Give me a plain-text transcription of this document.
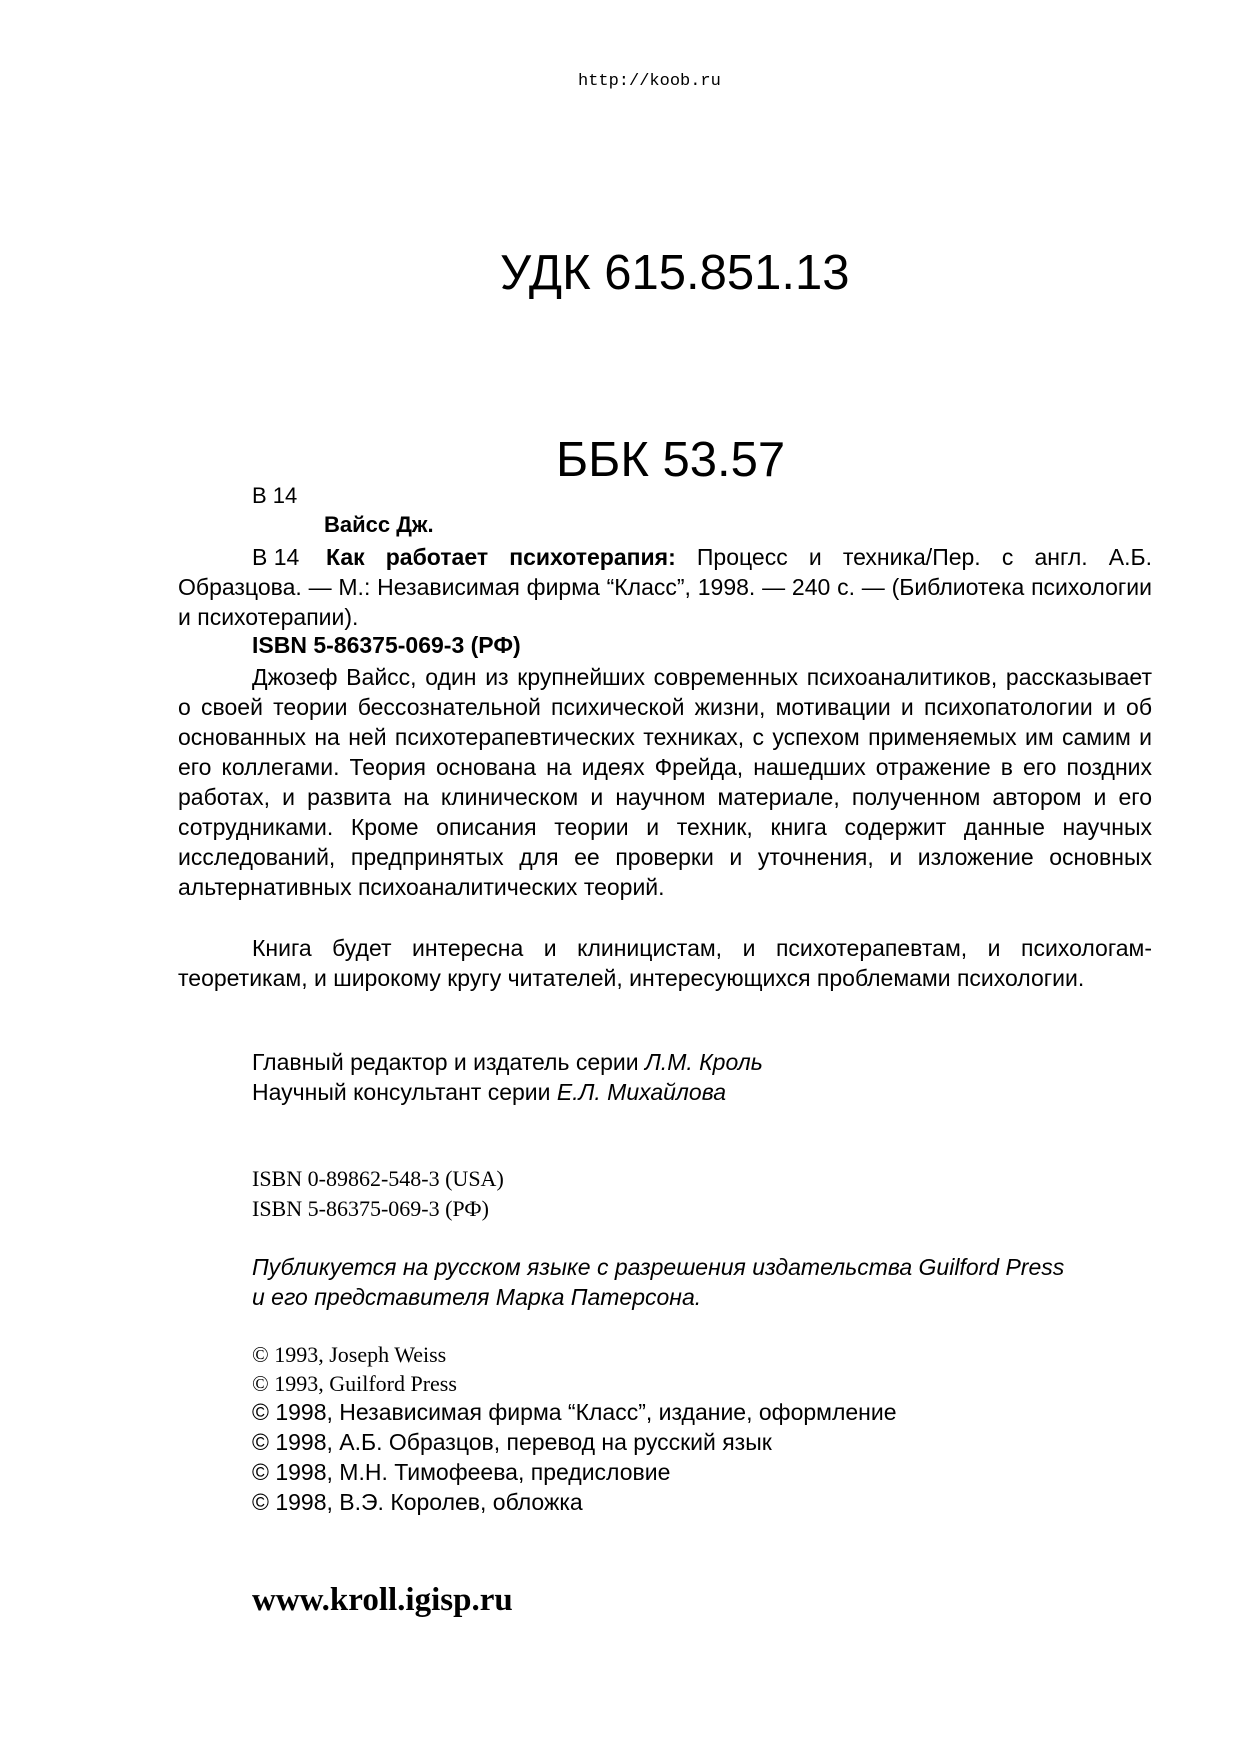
http://koob.ru
УДК 615.851.13
ББК 53.57
В 14
Вайсс Дж.
В 14 Как работает психотерапия: Процесс и техника/Пер. с англ. А.Б. Образцова. — М.: Независимая фирма “Класс”, 1998. — 240 с. — (Библиотека психологии и психотерапии).
ISBN 5-86375-069-3 (РФ)
Джозеф Вайсс, один из крупнейших современных психоаналитиков, рассказывает о своей теории бессознательной психической жизни, мотивации и психопатологии и об основанных на ней психотерапевтических техниках, с успехом применяемых им самим и его коллегами. Теория основана на идеях Фрейда, нашедших отражение в его поздних работах, и развита на клиническом и научном материале, полученном автором и его сотрудниками. Кроме описания теории и техник, книга содержит данные научных исследований, предпринятых для ее проверки и уточнения, и изложение основных альтернативных психоаналитических теорий.
Книга будет интересна и клиницистам, и психотерапевтам, и психологам-теоретикам, и широкому кругу читателей, интересующихся проблемами психологии.
Главный редактор и издатель серии Л.М. Кроль
Научный консультант серии Е.Л. Михайлова
ISBN 0-89862-548-3 (USA)
ISBN 5-86375-069-3 (РФ)
Публикуется на русском языке с разрешения издательства Guilford Press
и его представителя Марка Патерсона.
© 1993, Joseph Weiss
© 1993, Guilford Press
© 1998, Независимая фирма “Класс”, издание, оформление
© 1998, А.Б. Образцов, перевод на русский язык
© 1998, М.Н. Тимофеева, предисловие
© 1998, В.Э. Королев, обложка
www.kroll.igisp.ru
